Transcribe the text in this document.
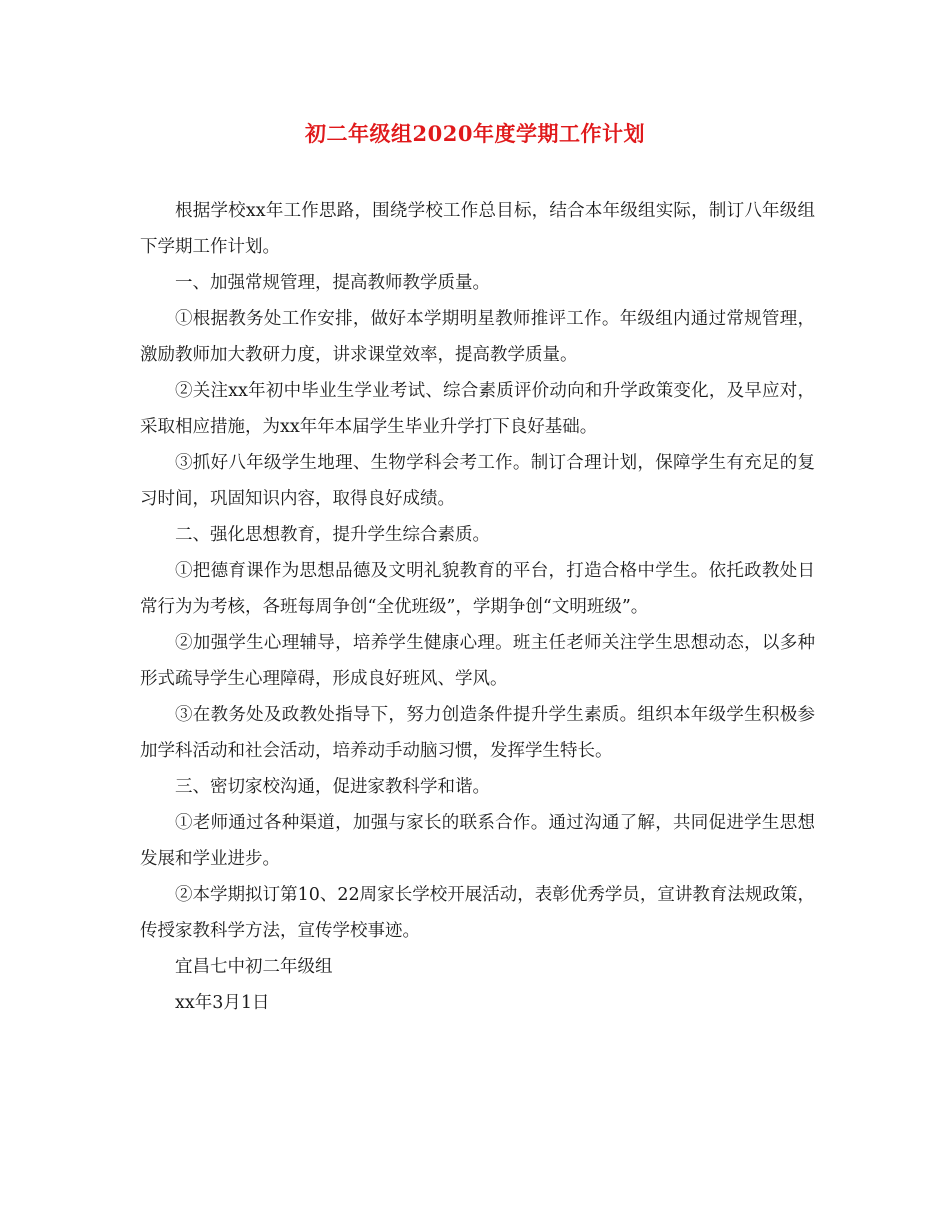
初二年级组2020年度学期工作计划

根据学校xx年工作思路，围绕学校工作总目标，结合本年级组实际，制订八年级组下学期工作计划。

一、加强常规管理，提高教师教学质量。

①根据教务处工作安排，做好本学期明星教师推评工作。年级组内通过常规管理，激励教师加大教研力度，讲求课堂效率，提高教学质量。

②关注xx年初中毕业生学业考试、综合素质评价动向和升学政策变化，及早应对，采取相应措施，为xx年年本届学生毕业升学打下良好基础。

③抓好八年级学生地理、生物学科会考工作。制订合理计划，保障学生有充足的复习时间，巩固知识内容，取得良好成绩。

二、强化思想教育，提升学生综合素质。

①把德育课作为思想品德及文明礼貌教育的平台，打造合格中学生。依托政教处日常行为为考核，各班每周争创“全优班级”，学期争创“文明班级”。

②加强学生心理辅导，培养学生健康心理。班主任老师关注学生思想动态，以多种形式疏导学生心理障碍，形成良好班风、学风。

③在教务处及政教处指导下，努力创造条件提升学生素质。组织本年级学生积极参加学科活动和社会活动，培养动手动脑习惯，发挥学生特长。

三、密切家校沟通，促进家教科学和谐。

①老师通过各种渠道，加强与家长的联系合作。通过沟通了解，共同促进学生思想发展和学业进步。

②本学期拟订第10、22周家长学校开展活动，表彰优秀学员，宣讲教育法规政策，传授家教科学方法，宣传学校事迹。

宜昌七中初二年级组

xx年3月1日
